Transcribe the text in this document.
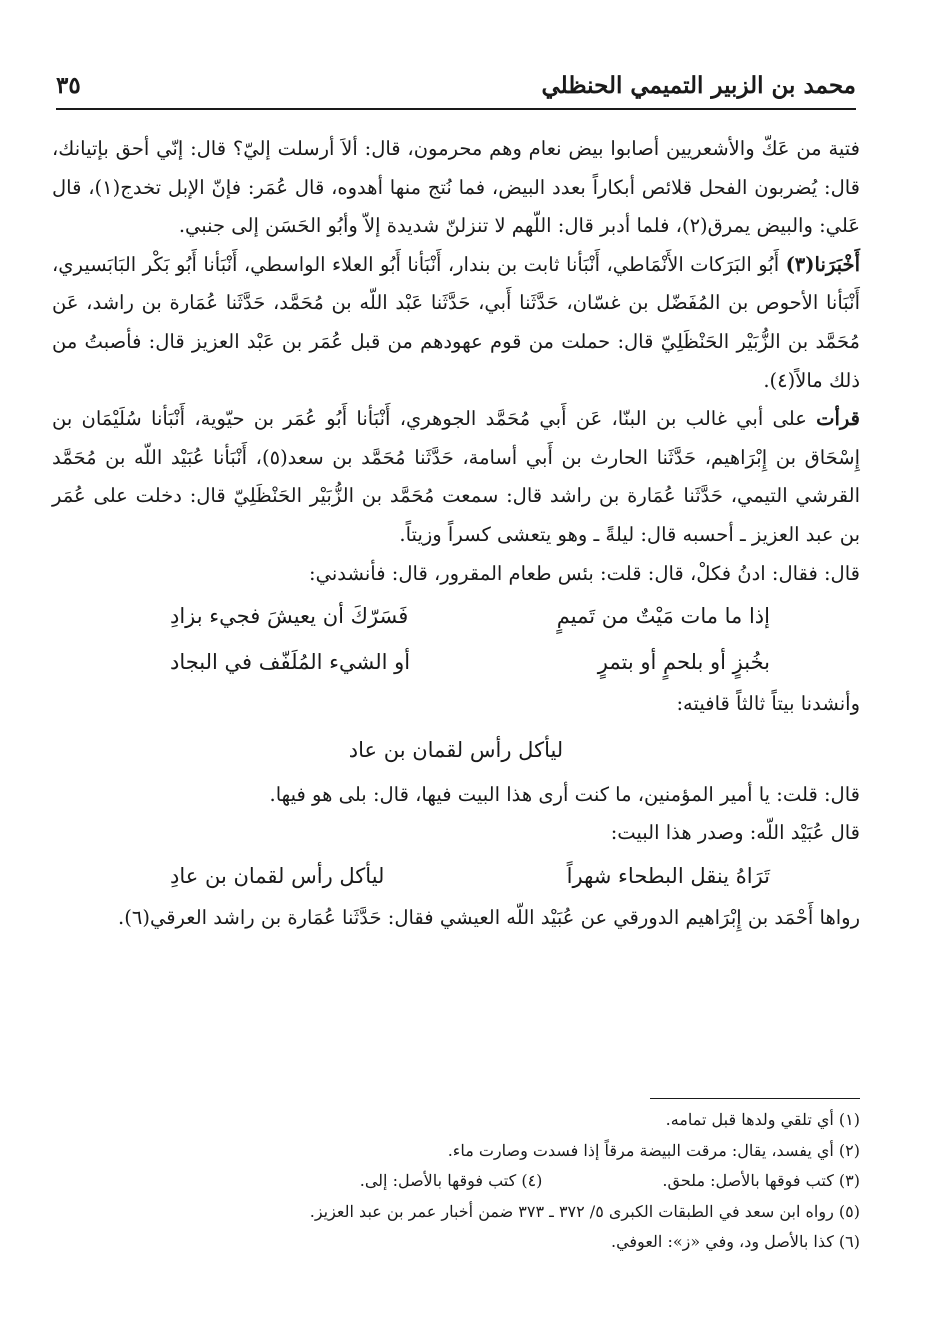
محمد بن الزبير التميمي الحنظلي
٣٥

فتية من عَكّ والأشعريين أصابوا بيض نعام وهم محرمون، قال: ألاَ أرسلت إليّ؟ قال: إنّي أحق بإتيانك، قال: يُضربون الفحل قلائص أبكاراً بعدد البيض، فما نُتج منها أهدوه، قال عُمَر: فإنّ الإبل تخدج(١)، قال عَلي: والبيض يمرق(٢)، فلما أدبر قال: اللّهم لا تنزلنّ شديدة إلاّ وأبُو الحَسَن إلى جنبي.

أَخْبَرَنا(٣) أَبُو البَرَكات الأَنْمَاطي، أَنْبَأنا ثابت بن بندار، أَنْبَأنا أَبُو العلاء الواسطي، أَنْبَأنا أَبُو بَكْر البَابَسيري، أَنْبَأنا الأحوص بن المُفَضّل بن غسّان، حَدَّثَنا أَبي، حَدَّثَنا عَبْد اللّه بن مُحَمَّد، حَدَّثَنا عُمَارة بن راشد، عَن مُحَمَّد بن الزُّبَيْر الحَنْظَلِيّ قال: حملت من قوم عهودهم من قبل عُمَر بن عَبْد العزيز قال: فأصبتُ من ذلك مالاً(٤).

قرأت على أبي غالب بن البنّا، عَن أَبي مُحَمَّد الجوهري، أَنْبَأنا أَبُو عُمَر بن حيّوية، أَنْبَأنا سُلَيْمَان بن إِسْحَاق بن إِبْرَاهيم، حَدَّثَنا الحارث بن أَبي أسامة، حَدَّثَنا مُحَمَّد بن سعد(٥)، أَنْبَأنا عُبَيْد اللّه بن مُحَمَّد القرشي التيمي، حَدَّثَنا عُمَارة بن راشد قال: سمعت مُحَمَّد بن الزُّبَيْر الحَنْظَلِيّ قال: دخلت على عُمَر بن عبد العزيز ـ أحسبه قال: ليلةً ـ وهو يتعشى كسراً وزيتاً.

قال: فقال: ادنُ فكلْ، قال: قلت: بئس طعام المقرور، قال: فأنشدني:

إذا ما مات مَيْتٌ من تَميمٍ
فَسَرّكَ أن يعيشَ فجيء بزادِ
بخُبزٍ أو بلحمٍ أو بتمرٍ
أو الشيء المُلَفّف في البجاد

وأنشدنا بيتاً ثالثاً قافيته:

ليأكل رأس لقمان بن عاد

قال: قلت: يا أمير المؤمنين، ما كنت أرى هذا البيت فيها، قال: بلى هو فيها.

قال عُبَيْد اللّه: وصدر هذا البيت:

تَرَاهُ ينقل البطحاء شهراً
ليأكل رأس لقمان بن عادِ

رواها أَحْمَد بن إِبْرَاهيم الدورقي عن عُبَيْد اللّه العيشي فقال: حَدَّثَنا عُمَارة بن راشد العرقي(٦).

(١) أي تلقي ولدها قبل تمامه.

(٢) أي يفسد، يقال: مرقت البيضة مرقاً إذا فسدت وصارت ماء.

(٣) كتب فوقها بالأصل: ملحق.

(٤) كتب فوقها بالأصل: إلى.

(٥) رواه ابن سعد في الطبقات الكبرى ٥/ ٣٧٢ ـ ٣٧٣ ضمن أخبار عمر بن عبد العزيز.

(٦) كذا بالأصل ود، وفي «ز»: العوفي.
